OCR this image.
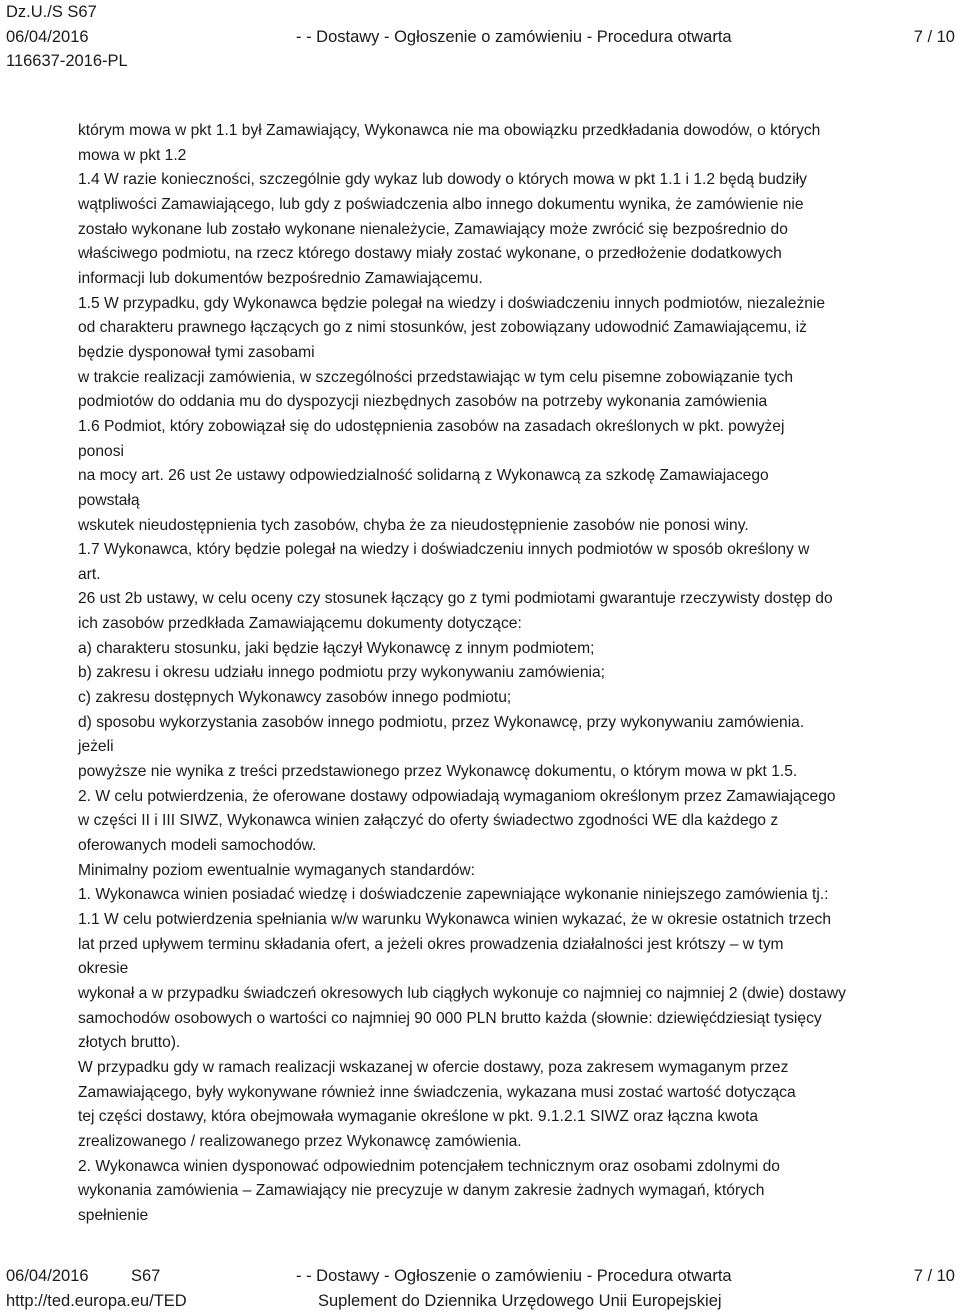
Dz.U./S S67
06/04/2016	- - Dostawy - Ogłoszenie o zamówieniu - Procedura otwarta	7 / 10
116637-2016-PL

którym mowa w pkt 1.1 był Zamawiający, Wykonawca nie ma obowiązku przedkładania dowodów, o których

mowa w pkt 1.2

1.4 W razie konieczności, szczególnie gdy wykaz lub dowody o których mowa w pkt 1.1 i 1.2 będą budziły

wątpliwości Zamawiającego, lub gdy z poświadczenia albo innego dokumentu wynika, że zamówienie nie

zostało wykonane lub zostało wykonane nienależycie, Zamawiający może zwrócić się bezpośrednio do

właściwego podmiotu, na rzecz którego dostawy miały zostać wykonane, o przedłożenie dodatkowych

informacji lub dokumentów bezpośrednio Zamawiającemu.

1.5 W przypadku, gdy Wykonawca będzie polegał na wiedzy i doświadczeniu innych podmiotów, niezależnie

od charakteru prawnego łączących go z nimi stosunków, jest zobowiązany udowodnić Zamawiającemu, iż

będzie dysponował tymi zasobami

w trakcie realizacji zamówienia, w szczególności przedstawiając w tym celu pisemne zobowiązanie tych

podmiotów do oddania mu do dyspozycji niezbędnych zasobów na potrzeby wykonania zamówienia

1.6 Podmiot, który zobowiązał się do udostępnienia zasobów na zasadach określonych w pkt. powyżej

ponosi

na mocy art. 26 ust 2e ustawy odpowiedzialność solidarną z Wykonawcą za szkodę Zamawiajacego

powstałą

wskutek nieudostępnienia tych zasobów, chyba że za nieudostępnienie zasobów nie ponosi winy.

1.7 Wykonawca, który będzie polegał na wiedzy i doświadczeniu innych podmiotów w sposób określony w

art.

26 ust 2b ustawy, w celu oceny czy stosunek łączący go z tymi podmiotami gwarantuje rzeczywisty dostęp do

ich zasobów przedkłada Zamawiającemu dokumenty dotyczące:

a) charakteru stosunku, jaki będzie łączył Wykonawcę z innym podmiotem;

b) zakresu i okresu udziału innego podmiotu przy wykonywaniu zamówienia;

c) zakresu dostępnych Wykonawcy zasobów innego podmiotu;

d) sposobu wykorzystania zasobów innego podmiotu, przez Wykonawcę, przy wykonywaniu zamówienia.

jeżeli

powyższe nie wynika z treści przedstawionego przez Wykonawcę dokumentu, o którym mowa w pkt 1.5.

2. W celu potwierdzenia, że oferowane dostawy odpowiadają wymaganiom określonym przez Zamawiającego

w części II i III SIWZ, Wykonawca winien załączyć do oferty świadectwo zgodności WE dla każdego z

oferowanych modeli samochodów.

Minimalny poziom ewentualnie wymaganych standardów:

1. Wykonawca winien posiadać wiedzę i doświadczenie zapewniające wykonanie niniejszego zamówienia tj.:

1.1 W celu potwierdzenia spełniania w/w warunku Wykonawca winien wykazać, że w okresie ostatnich trzech

lat przed upływem terminu składania ofert, a jeżeli okres prowadzenia działalności jest krótszy – w tym

okresie

wykonał a w przypadku świadczeń okresowych lub ciągłych wykonuje co najmniej co najmniej 2 (dwie) dostawy

samochodów osobowych o wartości co najmniej 90 000 PLN brutto każda (słownie: dziewięćdziesiąt tysięcy

złotych brutto).

W przypadku gdy w ramach realizacji wskazanej w ofercie dostawy, poza zakresem wymaganym przez

Zamawiającego, były wykonywane również inne świadczenia, wykazana musi zostać wartość dotycząca

tej części dostawy, która obejmowała wymaganie określone w pkt. 9.1.2.1 SIWZ oraz łączna kwota

zrealizowanego / realizowanego przez Wykonawcę zamówienia.

2. Wykonawca winien dysponować odpowiednim potencjałem technicznym oraz osobami zdolnymi do

wykonania zamówienia – Zamawiający nie precyzuje w danym zakresie żadnych wymagań, których

spełnienie

06/04/2016	S67	- - Dostawy - Ogłoszenie o zamówieniu - Procedura otwarta	7 / 10
http://ted.europa.eu/TED	Suplement do Dziennika Urzędowego Unii Europejskiej
